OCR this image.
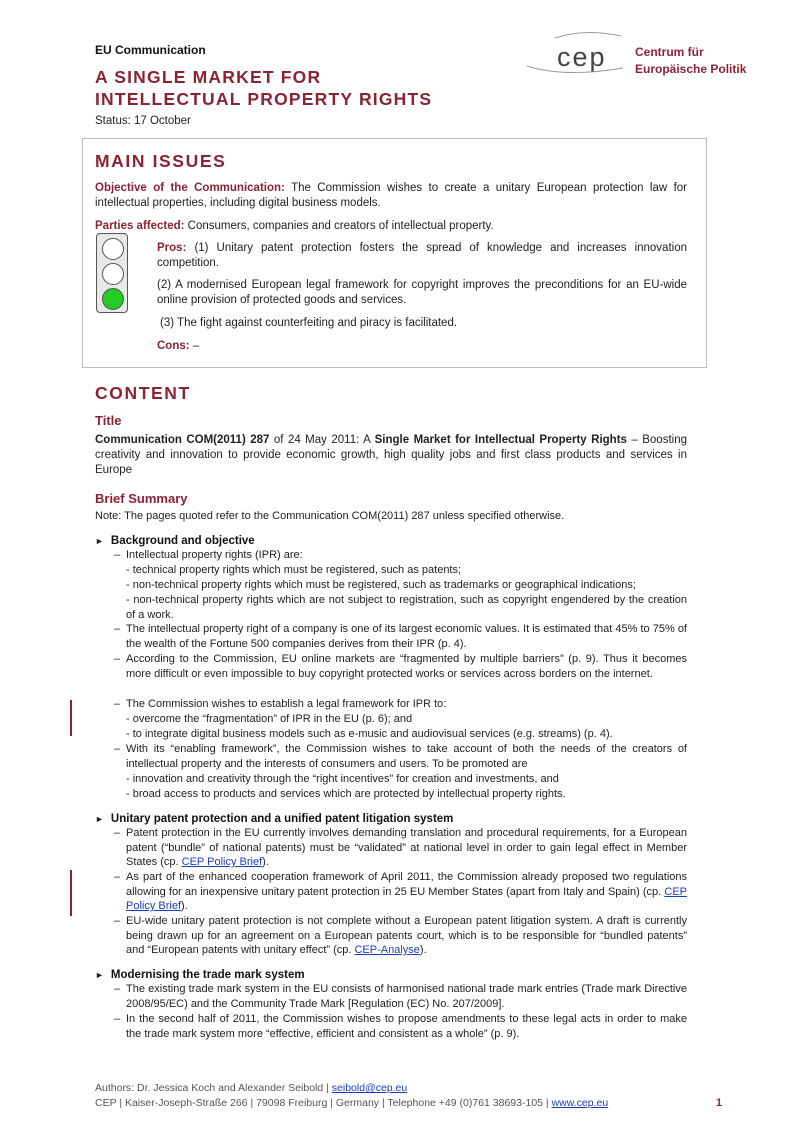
EU Communication
A SINGLE MARKET FOR
INTELLECTUAL PROPERTY RIGHTS
Status: 17 October
cep Centrum für
Europäische Politik
MAIN ISSUES
Objective of the Communication: The Commission wishes to create a unitary European protection law for intellectual properties, including digital business models.
Parties affected: Consumers, companies and creators of intellectual property.
Pros: (1) Unitary patent protection fosters the spread of knowledge and increases innovation competition.
(2) A modernised European legal framework for copyright improves the preconditions for an EU-wide online provision of protected goods and services.
(3) The fight against counterfeiting and piracy is facilitated.
Cons: –
CONTENT
Title
Communication COM(2011) 287 of 24 May 2011: A Single Market for Intellectual Property Rights – Boosting creativity and innovation to provide economic growth, high quality jobs and first class products and services in Europe
Brief Summary
Note: The pages quoted refer to the Communication COM(2011) 287 unless specified otherwise.
► Background and objective
– Intellectual property rights (IPR) are:
- technical property rights which must be registered, such as patents;
- non-technical property rights which must be registered, such as trademarks or geographical indications;
- non-technical property rights which are not subject to registration, such as copyright engendered by the creation of a work.
– The intellectual property right of a company is one of its largest economic values. It is estimated that 45% to 75% of the wealth of the Fortune 500 companies derives from their IPR (p. 4).
– According to the Commission, EU online markets are “fragmented by multiple barriers” (p. 9). Thus it becomes more difficult or even impossible to buy copyright protected works or services across borders on the internet.
– The Commission wishes to establish a legal framework for IPR to:
- overcome the “fragmentation” of IPR in the EU (p. 6); and
- to integrate digital business models such as e-music and audiovisual services (e.g. streams) (p. 4).
– With its “enabling framework”, the Commission wishes to take account of both the needs of the creators of intellectual property and the interests of consumers and users. To be promoted are
- innovation and creativity through the “right incentives” for creation and investments, and
- broad access to products and services which are protected by intellectual property rights.
► Unitary patent protection and a unified patent litigation system
– Patent protection in the EU currently involves demanding translation and procedural requirements, for a European patent (“bundle” of national patents) must be “validated” at national level in order to gain legal effect in Member States (cp. CEP Policy Brief).
– As part of the enhanced cooperation framework of April 2011, the Commission already proposed two regulations allowing for an inexpensive unitary patent protection in 25 EU Member States (apart from Italy and Spain) (cp. CEP Policy Brief).
– EU-wide unitary patent protection is not complete without a European patent litigation system. A draft is currently being drawn up for an agreement on a European patents court, which is to be responsible for “bundled patents” and “European patents with unitary effect” (cp. CEP-Analyse).
► Modernising the trade mark system
– The existing trade mark system in the EU consists of harmonised national trade mark entries (Trade mark Directive 2008/95/EC) and the Community Trade Mark [Regulation (EC) No. 207/2009].
– In the second half of 2011, the Commission wishes to propose amendments to these legal acts in order to make the trade mark system more “effective, efficient and consistent as a whole” (p. 9).
Authors: Dr. Jessica Koch and Alexander Seibold | seibold@cep.eu
CEP | Kaiser-Joseph-Straße 266 | 79098 Freiburg | Germany | Telephone +49 (0)761 38693-105 | www.cep.eu	1
